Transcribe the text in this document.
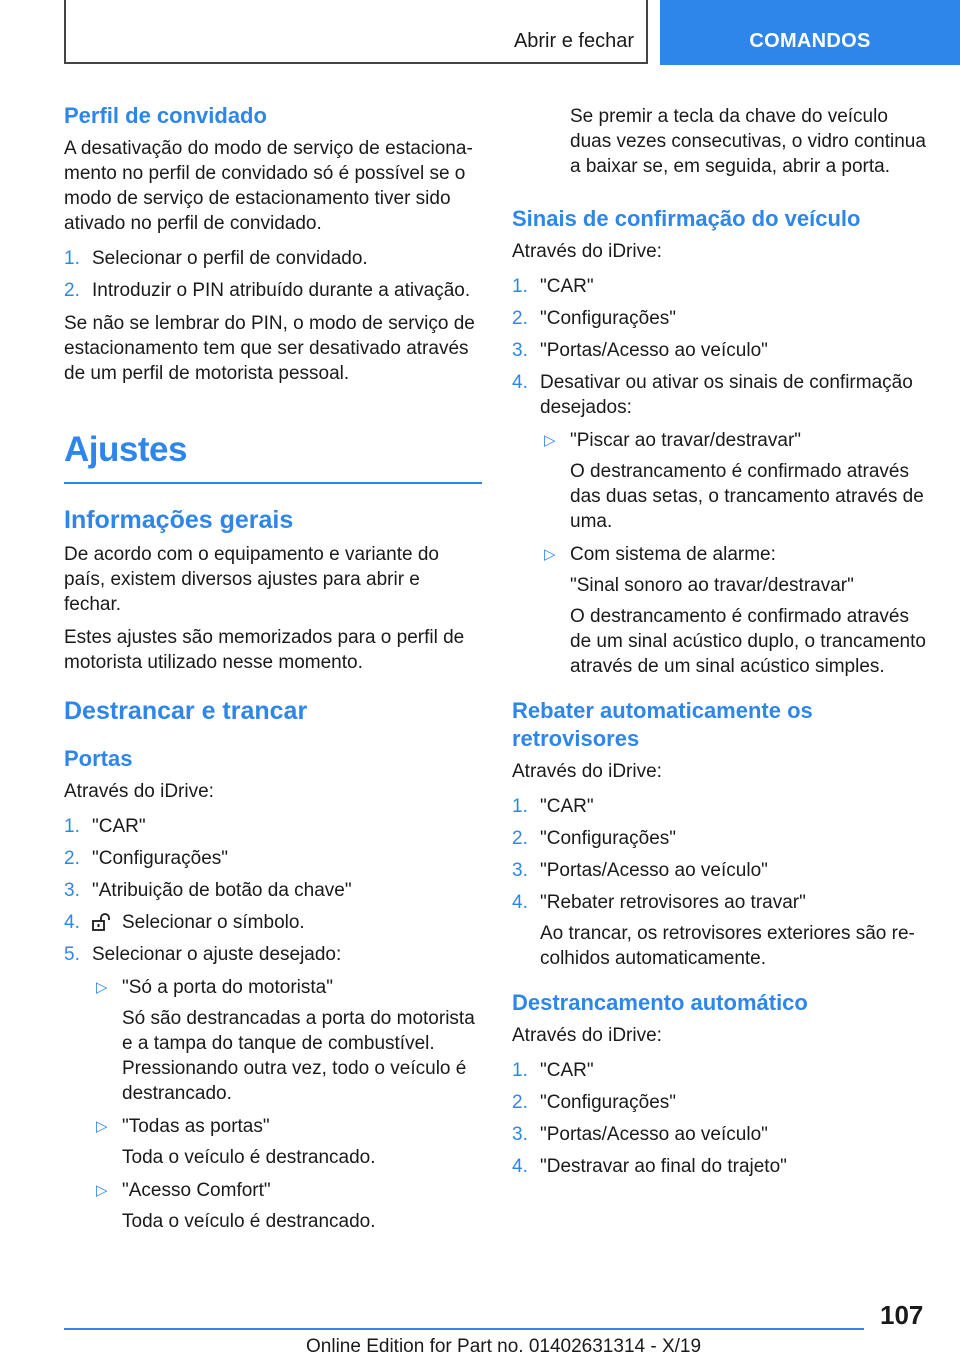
Abrir e fechar	COMANDOS
Perfil de convidado

A desativação do modo de serviço de estacionamento no perfil de convidado só é possível se o modo de serviço de estacionamento tiver sido ativado no perfil de convidado.

1. Selecionar o perfil de convidado.
2. Introduzir o PIN atribuído durante a ativação.

Se não se lembrar do PIN, o modo de serviço de estacionamento tem que ser desativado através de um perfil de motorista pessoal.

Ajustes
Informações gerais

De acordo com o equipamento e variante do país, existem diversos ajustes para abrir e fechar.

Estes ajustes são memorizados para o perfil de motorista utilizado nesse momento.

Destrancar e trancar
Portas

Através do iDrive:

1. "CAR"
2. "Configurações"
3. "Atribuição de botão da chave"
4. Selecionar o símbolo.
5. Selecionar o ajuste desejado:
▷ "Só a porta do motorista"
Só são destrancadas a porta do motorista e a tampa do tanque de combustível. Pressionando outra vez, todo o veículo é destrancado.
▷ "Todas as portas"
Toda o veículo é destrancado.
▷ "Acesso Comfort"
Toda o veículo é destrancado.

Se premir a tecla da chave do veículo duas vezes consecutivas, o vidro continua a baixar se, em seguida, abrir a porta.

Sinais de confirmação do veículo

Através do iDrive:

1. "CAR"
2. "Configurações"
3. "Portas/Acesso ao veículo"
4. Desativar ou ativar os sinais de confirmação desejados:
▷ "Piscar ao travar/destravar"
O destrancamento é confirmado através das duas setas, o trancamento através de uma.
▷ Com sistema de alarme:
"Sinal sonoro ao travar/destravar"
O destrancamento é confirmado através de um sinal acústico duplo, o trancamento através de um sinal acústico simples.
Rebater automaticamente os retrovisores

Através do iDrive:

1. "CAR"
2. "Configurações"
3. "Portas/Acesso ao veículo"
4. "Rebater retrovisores ao travar"
Ao trancar, os retrovisores exteriores são recolhidos automaticamente.
Destrancamento automático

Através do iDrive:

1. "CAR"
2. "Configurações"
3. "Portas/Acesso ao veículo"
4. "Destravar ao final do trajeto"
107
Online Edition for Part no. 01402631314 - X/19
